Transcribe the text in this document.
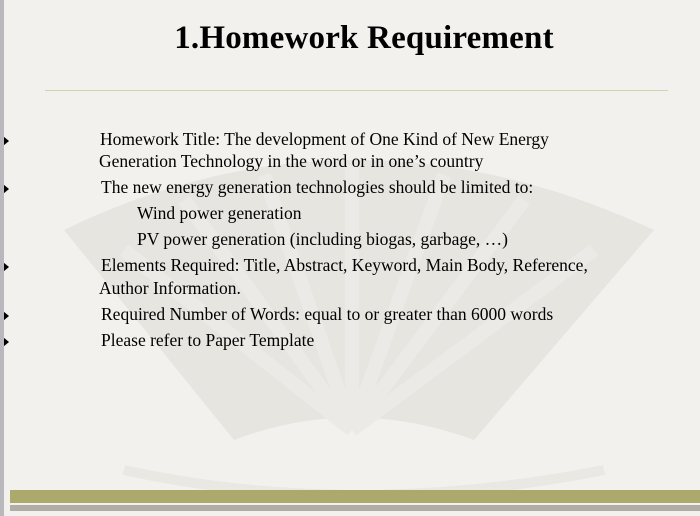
1.Homework Requirement
Homework Title: The development of One Kind of New Energy
Generation Technology in the word or in one’s country
The new energy generation technologies should be limited to:
Wind power generation
PV power generation (including biogas, garbage, …)
Elements Required: Title, Abstract, Keyword, Main Body, Reference,
Author Information.
Required Number of Words: equal to or greater than 6000 words
Please refer to Paper Template
